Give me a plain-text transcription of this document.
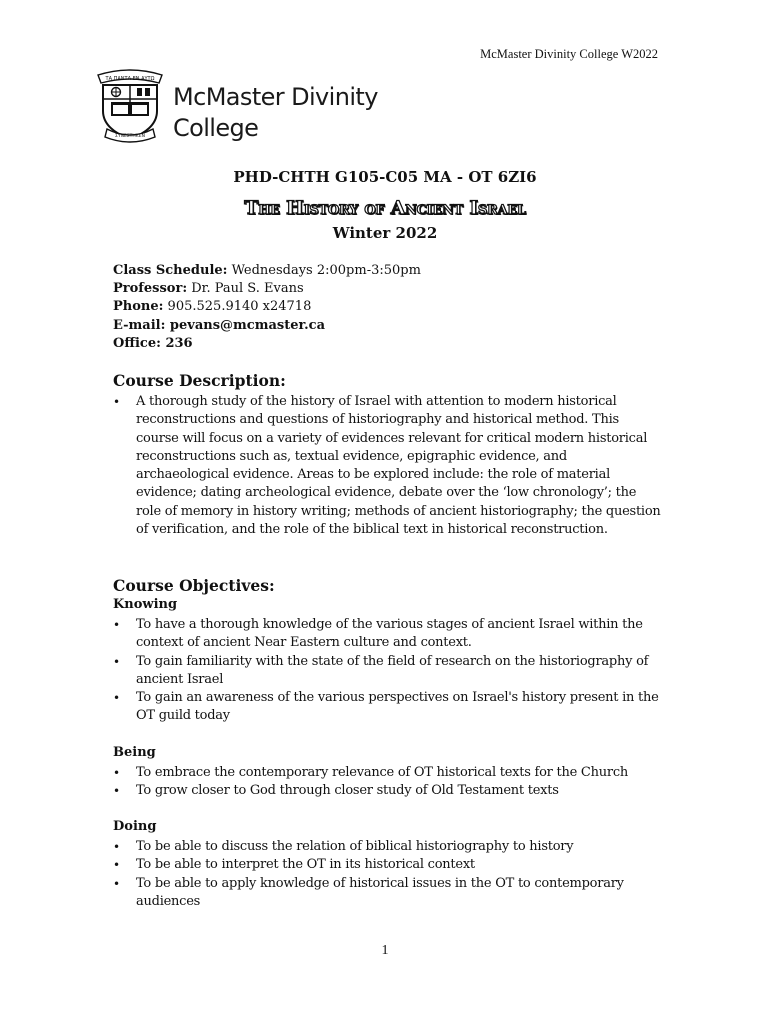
McMaster Divinity College W2022
ΤΑ ΠΑΝΤΑ ΕΝ ΑΥΤΩ
ΣΥΝΕΣΤΗΚΕΝ
McMaster Divinity
College
PHD-CHTH G105-C05 MA - OT 6ZI6
The History of Ancient Israel
Winter 2022
Class Schedule: Wednesdays 2:00pm-3:50pm
Professor: Dr. Paul S. Evans
Phone: 905.525.9140 x24718
E-mail: pevans@mcmaster.ca
Office: 236
Course Description:
• A thorough study of the history of Israel with attention to modern historical reconstructions and questions of historiography and historical method. This course will focus on a variety of evidences relevant for critical modern historical reconstructions such as, textual evidence, epigraphic evidence, and archaeological evidence. Areas to be explored include: the role of material evidence; dating archeological evidence, debate over the ‘low chronology’; the role of memory in history writing; methods of ancient historiography; the question of verification, and the role of the biblical text in historical reconstruction.
Course Objectives:
Knowing
• To have a thorough knowledge of the various stages of ancient Israel within the context of ancient Near Eastern culture and context.
• To gain familiarity with the state of the field of research on the historiography of ancient Israel
• To gain an awareness of the various perspectives on Israel's history present in the OT guild today
Being
• To embrace the contemporary relevance of OT historical texts for the Church
• To grow closer to God through closer study of Old Testament texts
Doing
• To be able to discuss the relation of biblical historiography to history
• To be able to interpret the OT in its historical context
• To be able to apply knowledge of historical issues in the OT to contemporary audiences
1
